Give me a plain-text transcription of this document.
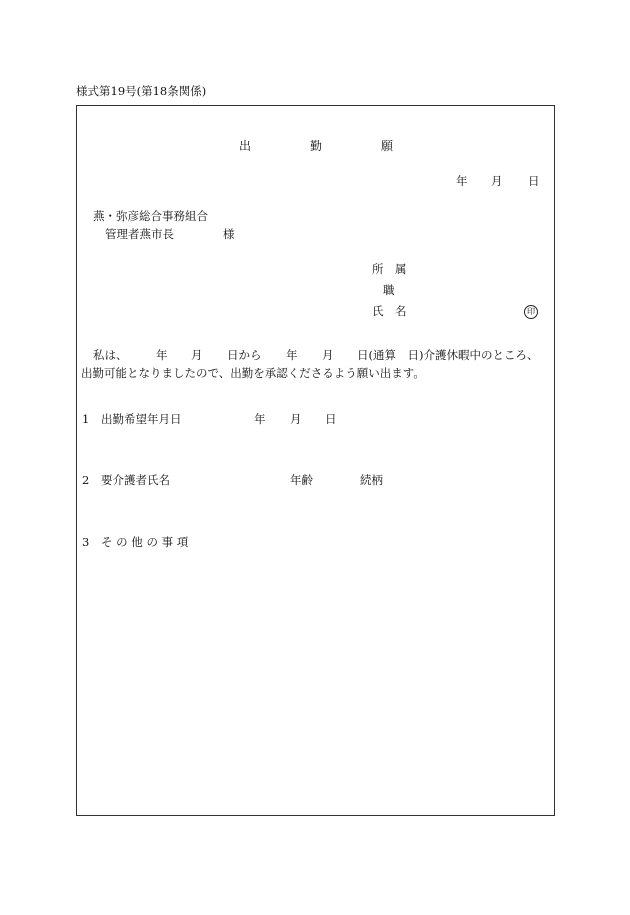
様式第19号(第18条関係)
出	勤	願
年 月 日
燕・弥彦総合事務組合
管理者燕市長	様
所　属
職
氏　名	印
私は、 年 月 日から 年 月 日(通算　日)介護休暇中のところ、
出勤可能となりましたので、出勤を承認くださるよう願い出ます。
1 出勤希望年月日	年 月 日
2 要介護者氏名	年齢	続柄
3 そ の 他 の 事 項
